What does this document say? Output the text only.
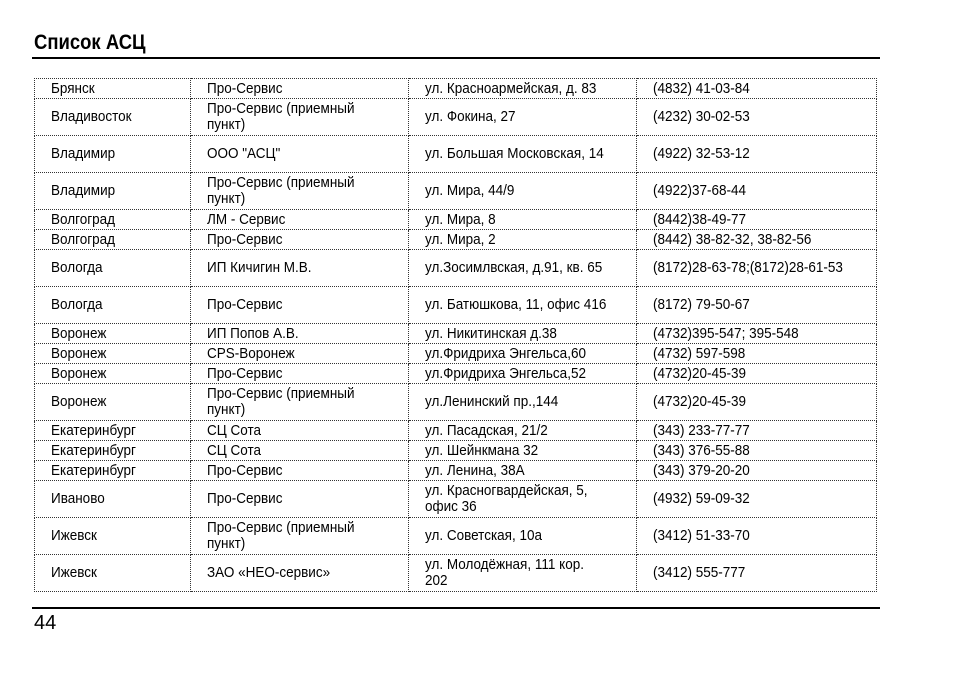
Список АСЦ
Брянск	Про-Сервис	ул. Красноармейская, д. 83	(4832) 41-03-84
Владивосток	Про-Сервис (приемный пункт)	ул. Фокина, 27	(4232) 30-02-53
Владимир	ООО "АСЦ"	ул. Большая Московская, 14	(4922) 32-53-12
Владимир	Про-Сервис (приемный пункт)	ул. Мира, 44/9	(4922)37-68-44
Волгоград	ЛМ - Сервис	ул. Мира, 8	(8442)38-49-77
Волгоград	Про-Сервис	ул. Мира, 2	(8442) 38-82-32, 38-82-56
Вологда	ИП Кичигин М.В.	ул.Зосимлвская, д.91, кв. 65	(8172)28-63-78;(8172)28-61-53
Вологда	Про-Сервис	ул. Батюшкова, 11, офис 416	(8172) 79-50-67
Воронеж	ИП Попов А.В.	ул. Никитинская д.38	(4732)395-547; 395-548
Воронеж	CPS-Воронеж	ул.Фридриха Энгельса,60	(4732) 597-598
Воронеж	Про-Сервис	ул.Фридриха Энгельса,52	(4732)20-45-39
Воронеж	Про-Сервис (приемный пункт)	ул.Ленинский пр.,144	(4732)20-45-39
Екатеринбург	СЦ Сота	ул. Пасадская, 21/2	(343) 233-77-77
Екатеринбург	СЦ Сота	ул. Шейнкмана 32	(343) 376-55-88
Екатеринбург	Про-Сервис	ул. Ленина, 38А	(343) 379-20-20
Иваново	Про-Сервис	ул. Красногвардейская, 5, офис 36	(4932) 59-09-32
Ижевск	Про-Сервис (приемный пункт)	ул. Советская, 10а	(3412) 51-33-70
Ижевск	ЗАО «НЕО-сервис»	ул. Молодёжная, 111 кор. 202	(3412) 555-777
44
